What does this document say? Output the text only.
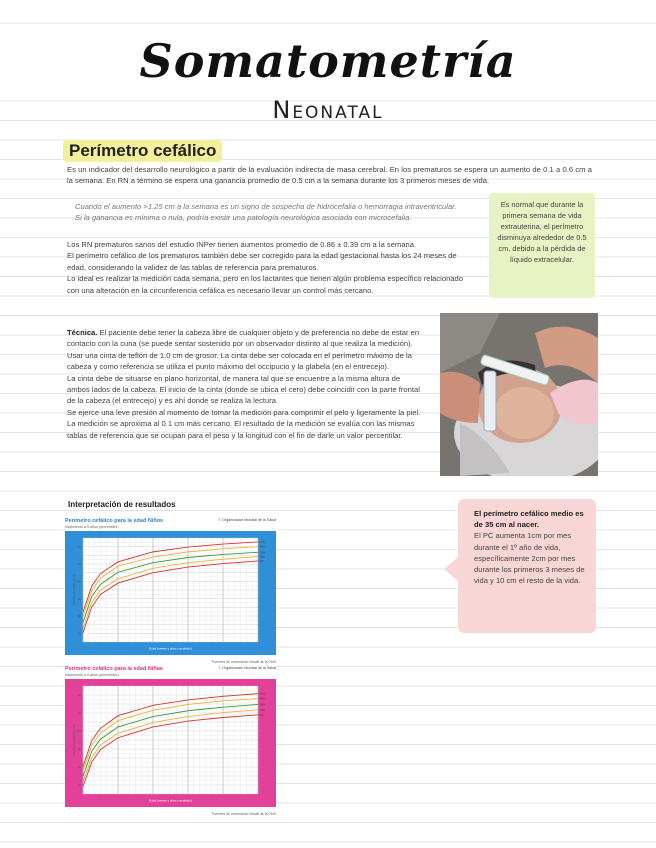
Somatometría
Neonatal
Perímetro cefálico
Es un indicador del desarrollo neurológico a partir de la evaluación indirecta de masa cerebral. En los prematuros se espera un aumento de 0.1 a 0.6 cm a la semana. En RN a término se espera una ganancia promedio de 0.5 cm a la semana durante los 3 primeros meses de vida.
Cuando el aumento >1.25 cm a la semana es un signo de sospecha de hidrocefalia o hemorragia intraventricular. Si la ganancia es mínima o nula, podría existir una patología neurológica asociada con microcefalia.
Los RN prematuros sanos del estudio INPer tienen aumentos promedio de 0.86 ± 0.39 cm a la semana.
El perímetro cefálico de los prematuros también debe ser corregido para la edad gestacional hasta los 24 meses de edad, considerando la validez de las tablas de referencia para prematuros.
Lo ideal es realizar la medición cada semana, pero en los lactantes que tienen algún problema específico relacionado con una alteración en la circunferencia cefálica es necesario llevar un control más cercano.
Es normal que durante la primera semana de vida extrauterina, el perímetro disminuya alrededor de 0.5 cm, debido a la pérdida de líquido extracelular.
Técnica. El paciente debe tener la cabeza libre de cualquier objeto y de preferencia no debe de estar en contacto con la cuna (se puede sentar sostenido por un observador distinto al que realiza la medición).
Usar una cinta de teflón de 1.0 cm de grosor. La cinta debe ser colocada en el perímetro máximo de la cabeza y como referencia se utiliza el punto máximo del occipucio y la glabela (en el entrecejo).
La cinta debe de situarse en plano horizontal, de manera tal que se encuentre a la misma altura de ambos lados de la cabeza. El inicio de la cinta (donde se ubica el cero) debe coincidir con la parte frontal de la cabeza (el entrecejo) y es ahí donde se realiza la lectura.
Se ejerce una leve presión al momento de tomar la medición para comprimir el pelo y ligeramente la piel. La medición se aproxima al 0.1 cm más cercano. El resultado de la medición se evalúa con las mismas tablas de referencia que se ocupan para el peso y la longitud con el fin de darle un valor percentilar.
Interpretación de resultados
El perímetro cefálico medio es de 35 cm al nacer.
El PC aumenta 1cm por mes durante el 1º año de vida, específicamente 2cm por mes durante los primeros 3 meses de vida y 10 cm el resto de la vida.
Perímetro cefálico para la edad Niños
Nacimiento a 5 años (percentiles)
☉ Organización Mundial de la Salud
32
36
40
44
48
52
3rd
15th
50th
85th
97th
Perímetro cefálico (cm)
Edad (meses y años cumplidos)
Patrones de crecimiento infantil de la OMS
Perímetro cefálico para la edad Niñas
Nacimiento a 5 años (percentiles)
☉ Organización Mundial de la Salud
32
36
40
44
48
52
3rd
15th
50th
85th
97th
Perímetro cefálico (cm)
Edad (meses y años cumplidos)
Patrones de crecimiento infantil de la OMS
